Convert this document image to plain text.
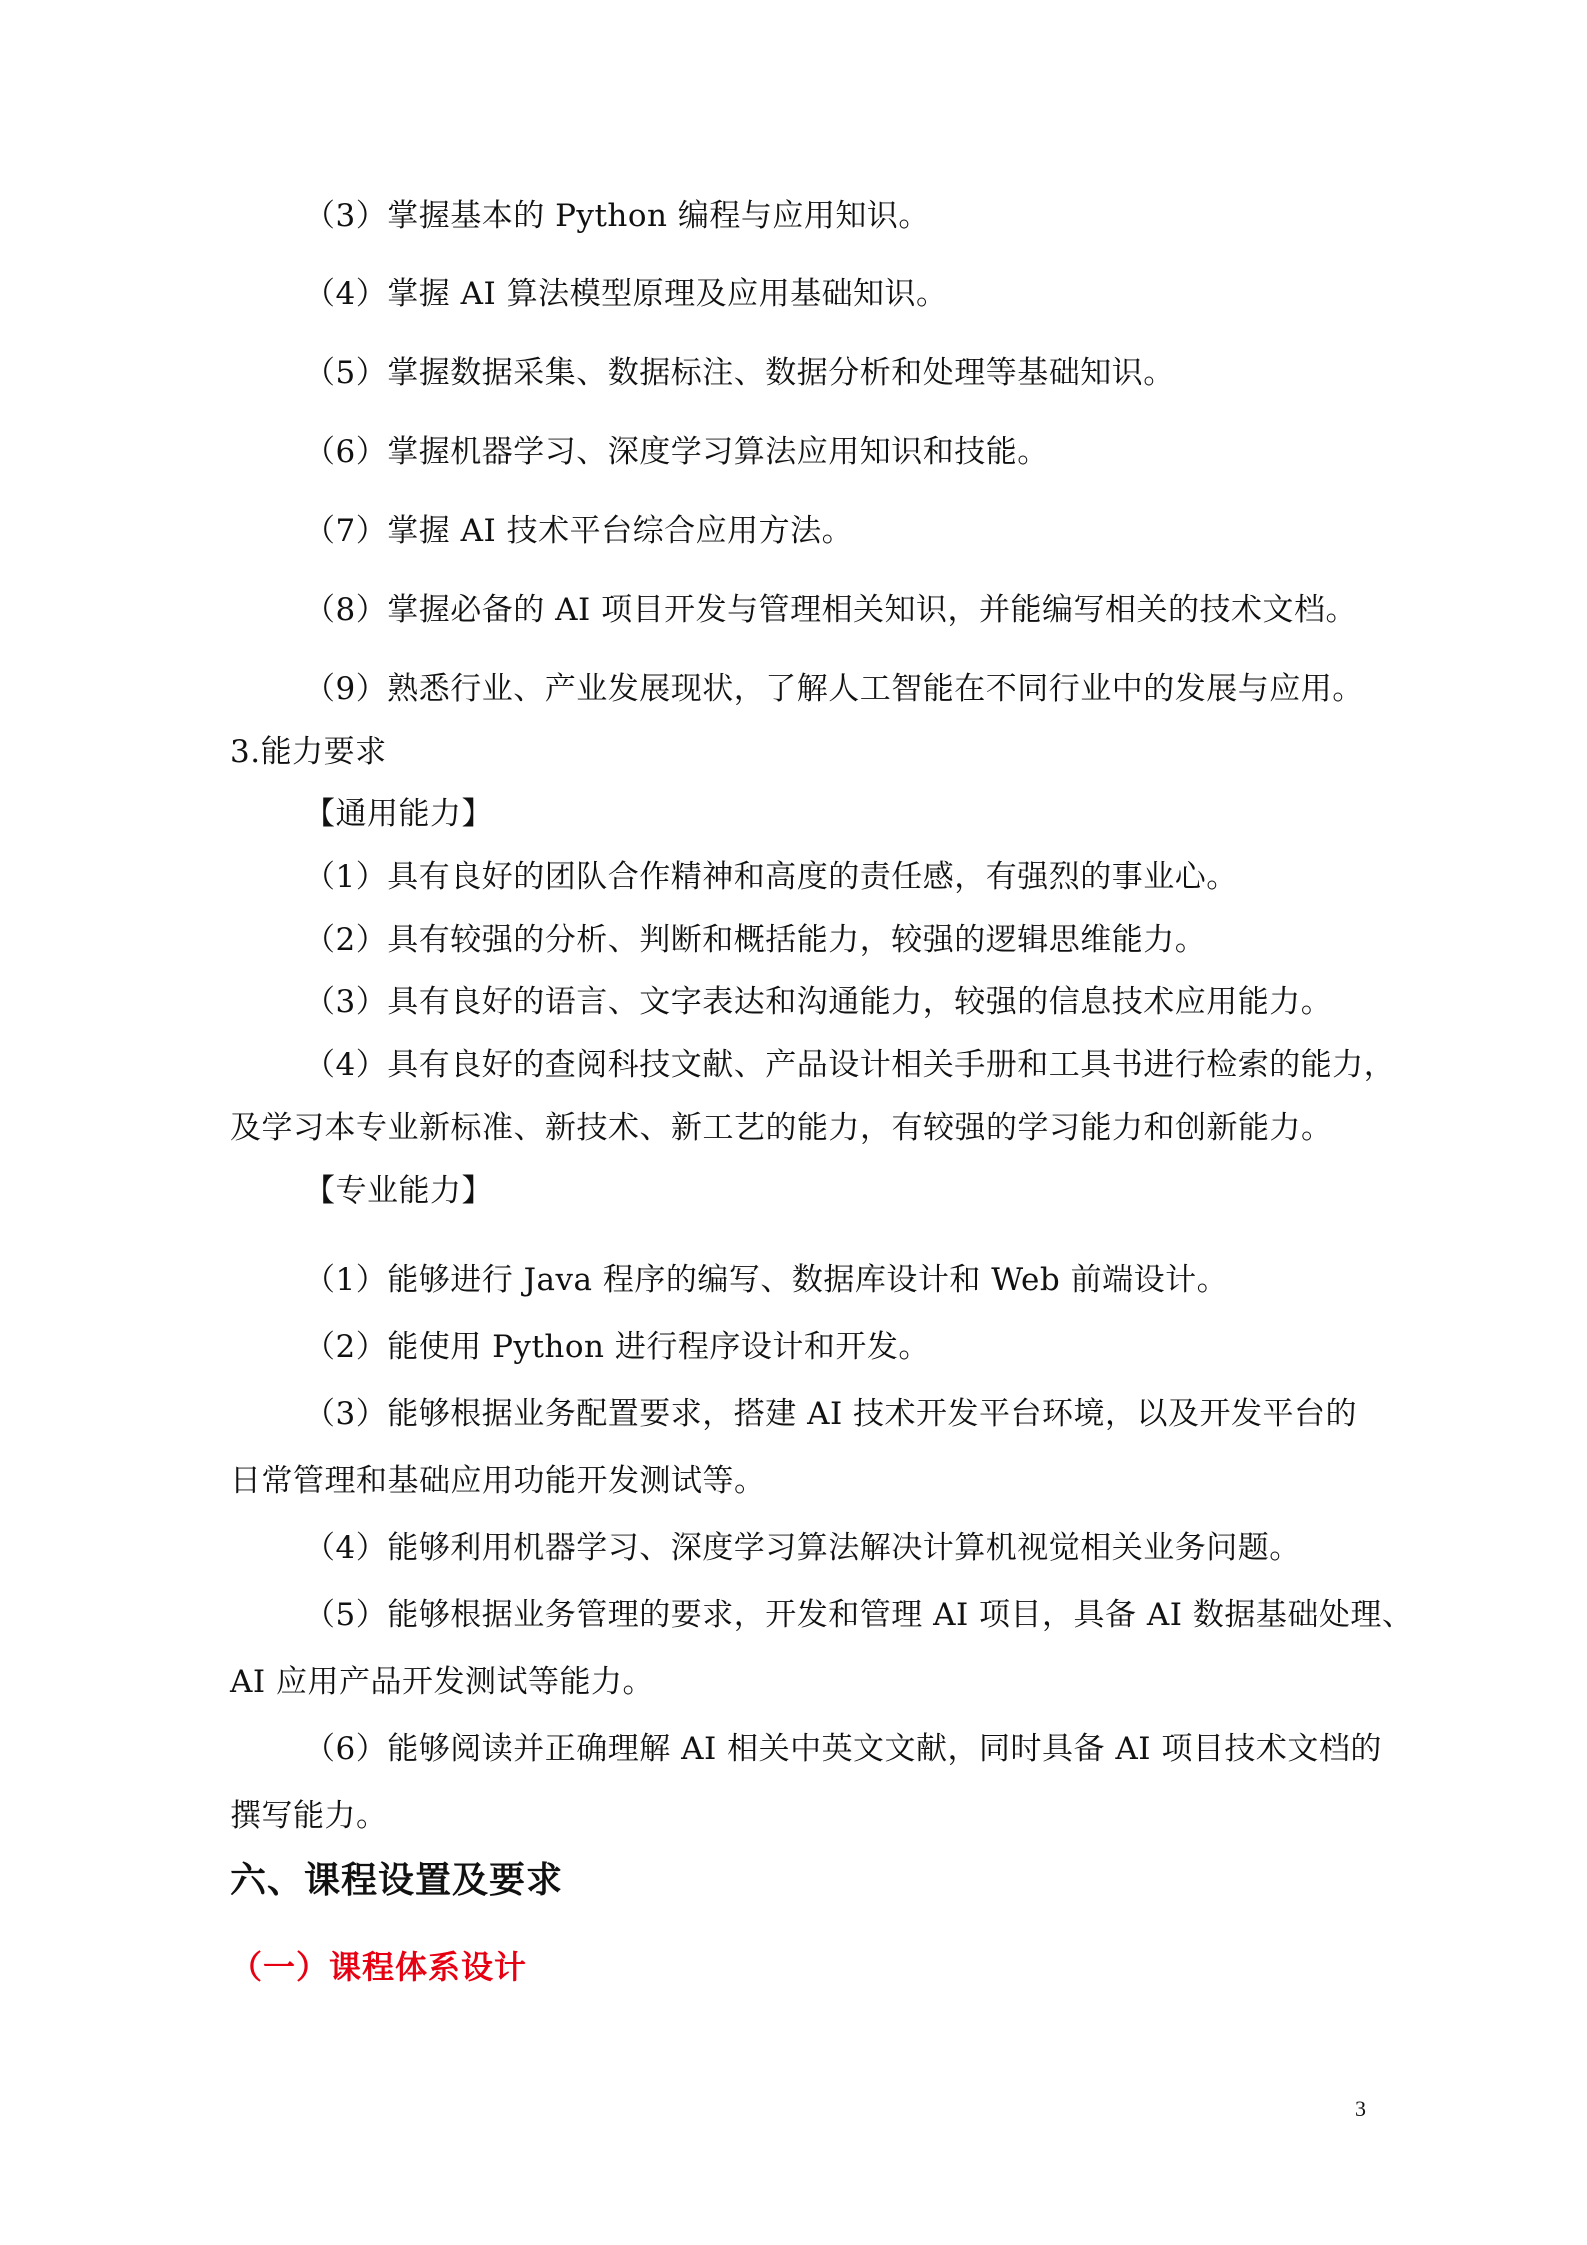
（3）掌握基本的 Python 编程与应用知识。
（4）掌握 AI 算法模型原理及应用基础知识。
（5）掌握数据采集、数据标注、数据分析和处理等基础知识。
（6）掌握机器学习、深度学习算法应用知识和技能。
（7）掌握 AI 技术平台综合应用方法。
（8）掌握必备的 AI 项目开发与管理相关知识，并能编写相关的技术文档。
（9）熟悉行业、产业发展现状，了解人工智能在不同行业中的发展与应用。
3.能力要求
【通用能力】
（1）具有良好的团队合作精神和高度的责任感，有强烈的事业心。
（2）具有较强的分析、判断和概括能力，较强的逻辑思维能力。
（3）具有良好的语言、文字表达和沟通能力，较强的信息技术应用能力。
（4）具有良好的查阅科技文献、产品设计相关手册和工具书进行检索的能力，
及学习本专业新标准、新技术、新工艺的能力，有较强的学习能力和创新能力。
【专业能力】
（1）能够进行 Java 程序的编写、数据库设计和 Web 前端设计。
（2）能使用 Python 进行程序设计和开发。
（3）能够根据业务配置要求，搭建 AI 技术开发平台环境，以及开发平台的
日常管理和基础应用功能开发测试等。
（4）能够利用机器学习、深度学习算法解决计算机视觉相关业务问题。
（5）能够根据业务管理的要求，开发和管理 AI 项目，具备 AI 数据基础处理、
AI 应用产品开发测试等能力。
（6）能够阅读并正确理解 AI 相关中英文文献，同时具备 AI 项目技术文档的
撰写能力。
六、课程设置及要求
（一）课程体系设计
3
